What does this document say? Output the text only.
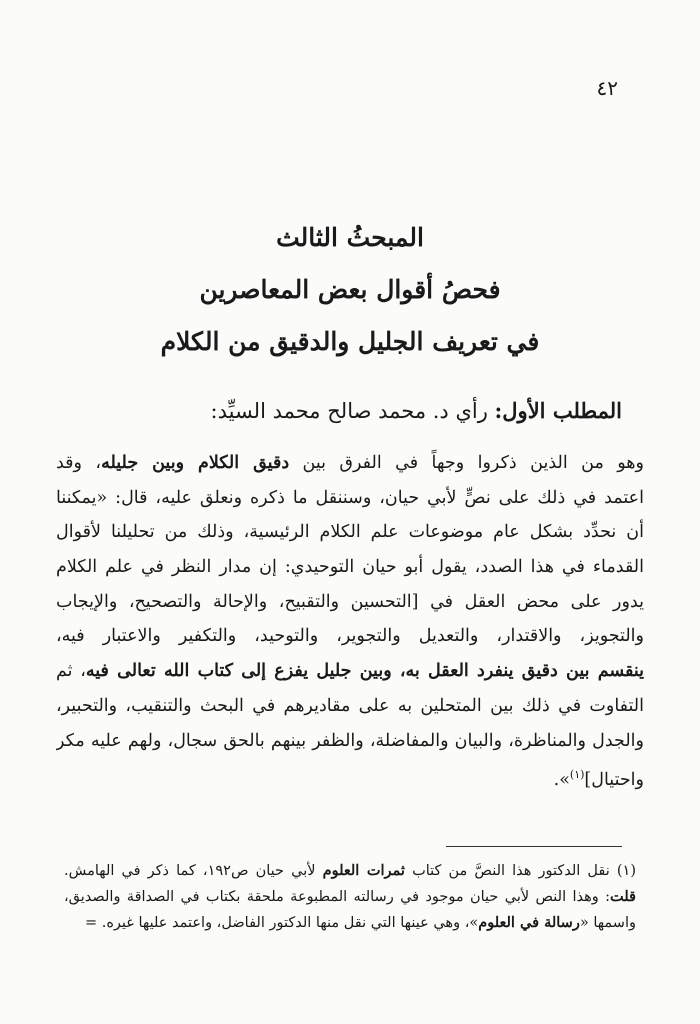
٤٢
المبحثُ الثالث
فحصُ أقوال بعض المعاصرين
في تعريف الجليل والدقيق من الكلام
المطلب الأول: رأي د. محمد صالح محمد السيِّد:
وهو من الذين ذكروا وجهاً في الفرق بين دقيق الكلام وبين جليله، وقد
اعتمد في ذلك على نصٍّ لأبي حيان، وسننقل ما ذكره ونعلق عليه، قال: «يمكننا
أن نحدِّد بشكل عام موضوعات علم الكلام الرئيسية، وذلك من تحليلنا لأقوال
القدماء في هذا الصدد، يقول أبو حيان التوحيدي: إن مدار النظر في علم الكلام
يدور على محض العقل في [التحسين والتقبيح، والإحالة والتصحيح، والإيجاب
والتجويز، والاقتدار، والتعديل والتجوير، والتوحيد، والتكفير والاعتبار فيه،
ينقسم بين دقيق ينفرد العقل به، وبين جليل يفزع إلى كتاب الله تعالى فيه، ثم
التفاوت في ذلك بين المتحلين به على مقاديرهم في البحث والتنقيب، والتحبير،
والجدل والمناظرة، والبيان والمفاضلة، والظفر بينهم بالحق سجال، ولهم عليه مكر
واحتيال]$^{(١)}$».
(١) نقل الدكتور هذا النصَّ من كتاب ثمرات العلوم لأبي حيان ص١٩٢، كما ذكر في الهامش.
قلت: وهذا النص لأبي حيان موجود في رسالته المطبوعة ملحقة بكتاب في الصداقة والصديق،
واسمها «رسالة في العلوم»، وهي عينها التي نقل منها الدكتور الفاضل، واعتمد عليها غيره. =
